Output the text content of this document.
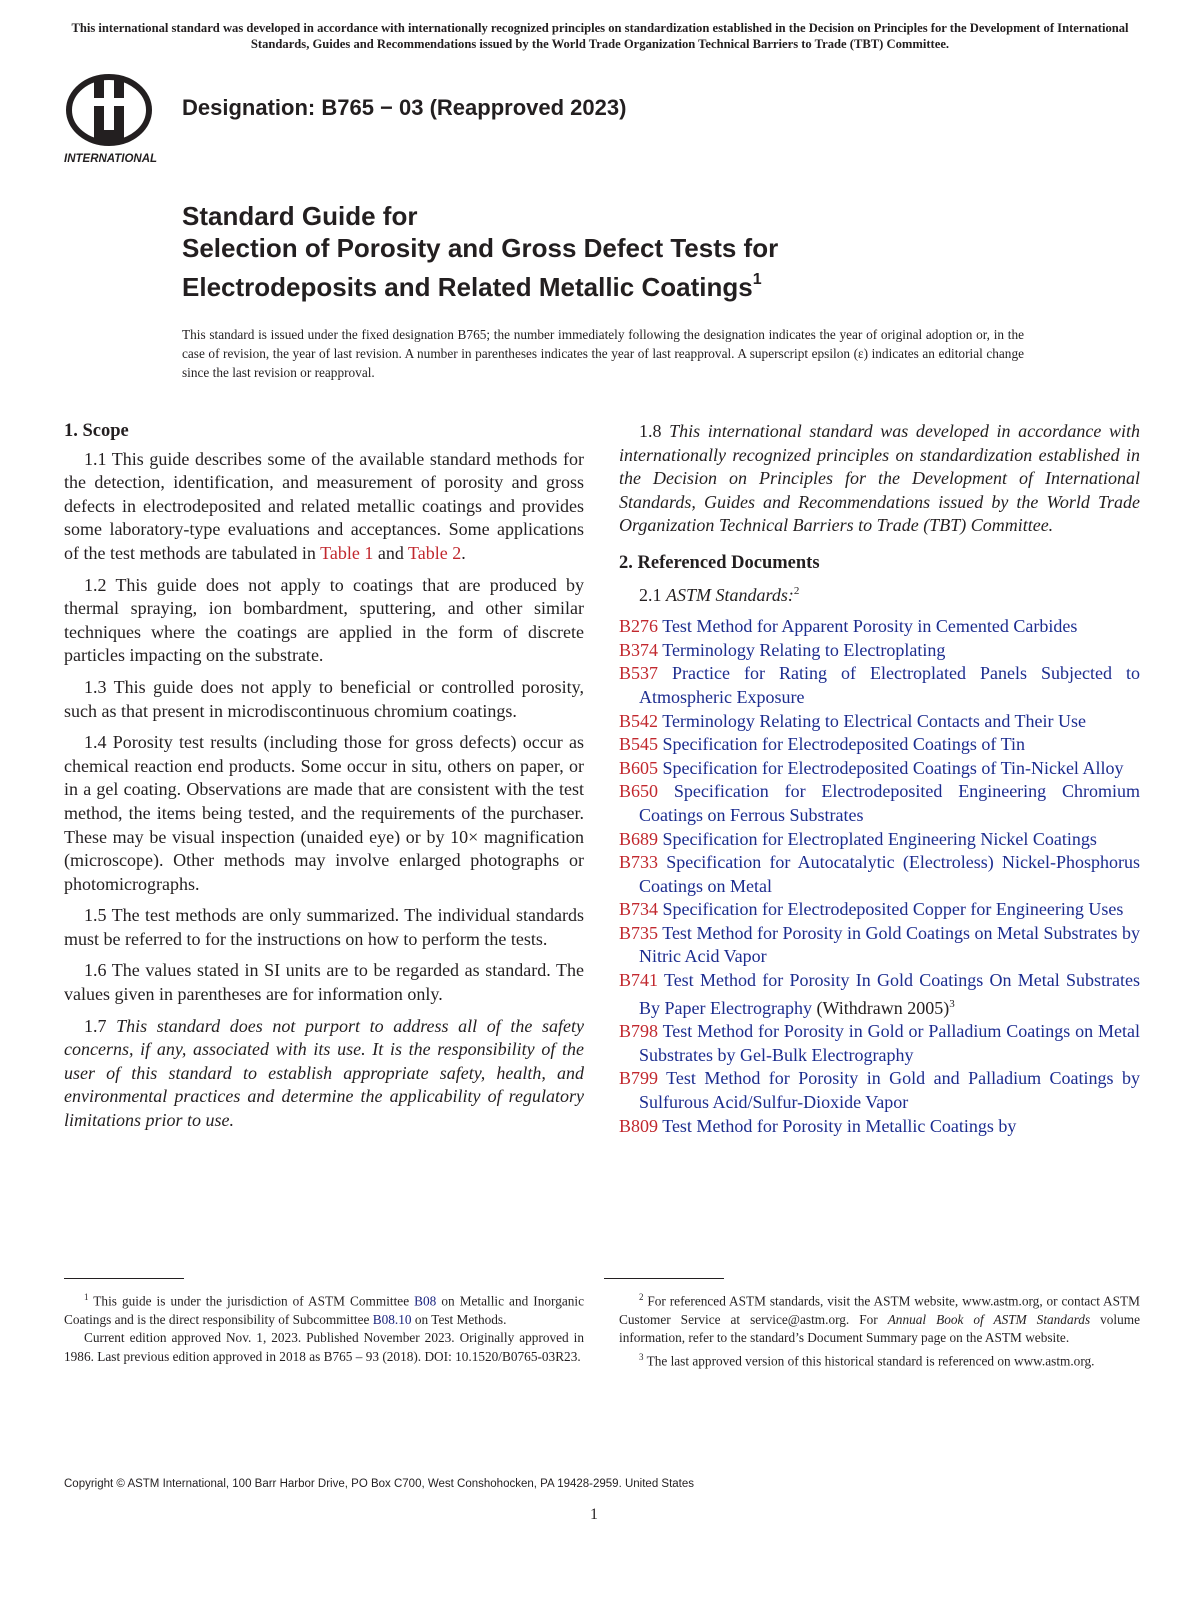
This international standard was developed in accordance with internationally recognized principles on standardization established in the Decision on Principles for the Development of International Standards, Guides and Recommendations issued by the World Trade Organization Technical Barriers to Trade (TBT) Committee.
INTERNATIONAL
Designation: B765 − 03 (Reapproved 2023)
Standard Guide for
Selection of Porosity and Gross Defect Tests for
Electrodeposits and Related Metallic Coatings$^1$
This standard is issued under the fixed designation B765; the number immediately following the designation indicates the year of original adoption or, in the case of revision, the year of last revision. A number in parentheses indicates the year of last reapproval. A superscript epsilon (ε) indicates an editorial change since the last revision or reapproval.
1. Scope

1.1 This guide describes some of the available standard methods for the detection, identification, and measurement of porosity and gross defects in electrodeposited and related metallic coatings and provides some laboratory-type evaluations and acceptances. Some applications of the test methods are tabulated in Table 1 and Table 2.

1.2 This guide does not apply to coatings that are produced by thermal spraying, ion bombardment, sputtering, and other similar techniques where the coatings are applied in the form of discrete particles impacting on the substrate.

1.3 This guide does not apply to beneficial or controlled porosity, such as that present in microdiscontinuous chromium coatings.

1.4 Porosity test results (including those for gross defects) occur as chemical reaction end products. Some occur in situ, others on paper, or in a gel coating. Observations are made that are consistent with the test method, the items being tested, and the requirements of the purchaser. These may be visual inspection (unaided eye) or by 10× magnification (microscope). Other methods may involve enlarged photographs or photomicrographs.

1.5 The test methods are only summarized. The individual standards must be referred to for the instructions on how to perform the tests.

1.6 The values stated in SI units are to be regarded as standard. The values given in parentheses are for information only.

1.7 This standard does not purport to address all of the safety concerns, if any, associated with its use. It is the responsibility of the user of this standard to establish appropriate safety, health, and environmental practices and determine the applicability of regulatory limitations prior to use.

1.8 This international standard was developed in accordance with internationally recognized principles on standardization established in the Decision on Principles for the Development of International Standards, Guides and Recommendations issued by the World Trade Organization Technical Barriers to Trade (TBT) Committee.

2. Referenced Documents

2.1 ASTM Standards:$^2$

B276 Test Method for Apparent Porosity in Cemented Carbides
B374 Terminology Relating to Electroplating
B537 Practice for Rating of Electroplated Panels Subjected to Atmospheric Exposure
B542 Terminology Relating to Electrical Contacts and Their Use
B545 Specification for Electrodeposited Coatings of Tin
B605 Specification for Electrodeposited Coatings of Tin-Nickel Alloy
B650 Specification for Electrodeposited Engineering Chromium Coatings on Ferrous Substrates
B689 Specification for Electroplated Engineering Nickel Coatings
B733 Specification for Autocatalytic (Electroless) Nickel-Phosphorus Coatings on Metal
B734 Specification for Electrodeposited Copper for Engineering Uses
B735 Test Method for Porosity in Gold Coatings on Metal Substrates by Nitric Acid Vapor
B741 Test Method for Porosity In Gold Coatings On Metal Substrates By Paper Electrography (Withdrawn 2005)$^3$
B798 Test Method for Porosity in Gold or Palladium Coatings on Metal Substrates by Gel-Bulk Electrography
B799 Test Method for Porosity in Gold and Palladium Coatings by Sulfurous Acid/Sulfur-Dioxide Vapor
B809 Test Method for Porosity in Metallic Coatings by

$^1$ This guide is under the jurisdiction of ASTM Committee B08 on Metallic and Inorganic Coatings and is the direct responsibility of Subcommittee B08.10 on Test Methods.

Current edition approved Nov. 1, 2023. Published November 2023. Originally approved in 1986. Last previous edition approved in 2018 as B765 – 93 (2018). DOI: 10.1520/B0765-03R23.

$^2$ For referenced ASTM standards, visit the ASTM website, www.astm.org, or contact ASTM Customer Service at service@astm.org. For Annual Book of ASTM Standards volume information, refer to the standard’s Document Summary page on the ASTM website.

$^3$ The last approved version of this historical standard is referenced on www.astm.org.

Copyright © ASTM International, 100 Barr Harbor Drive, PO Box C700, West Conshohocken, PA 19428-2959. United States
1
